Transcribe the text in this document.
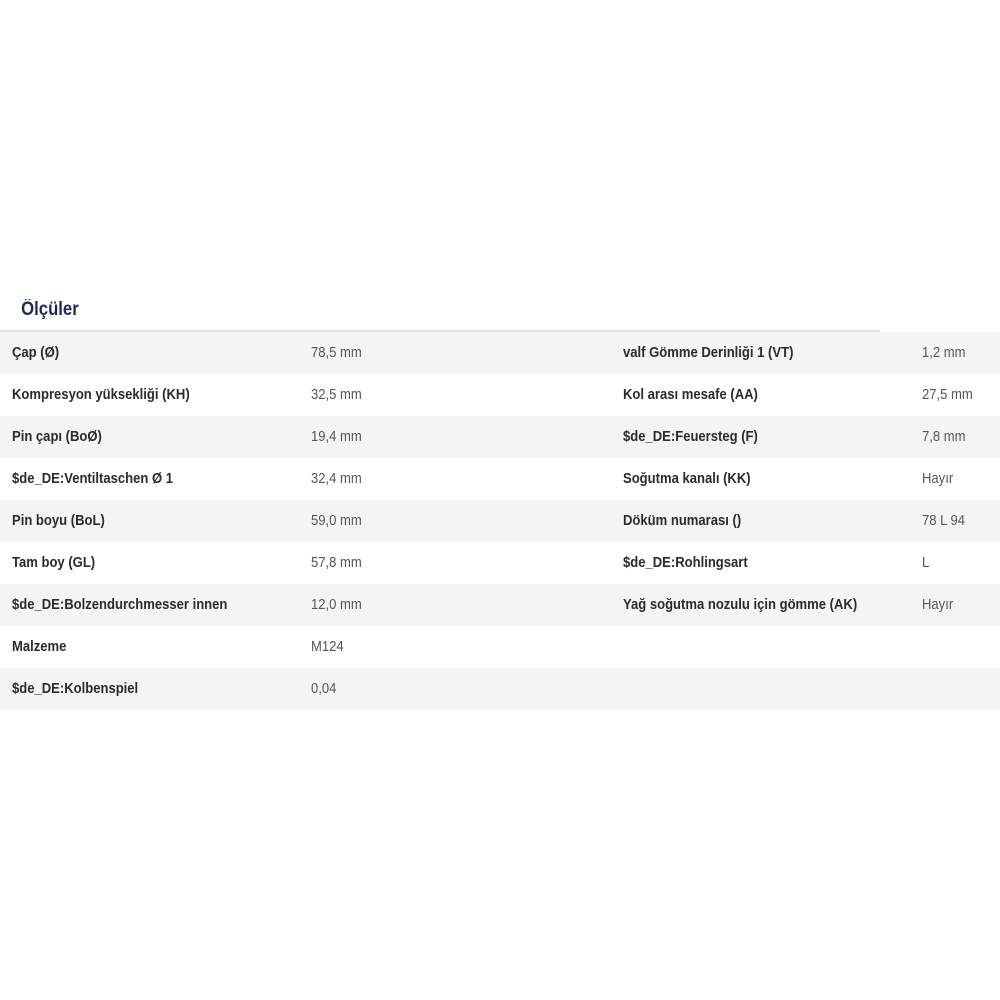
Ölçüler
Çap (Ø)	78,5 mm	valf Gömme Derinliği 1 (VT)	1,2 mm
Kompresyon yüksekliği (KH)	32,5 mm	Kol arası mesafe (AA)	27,5 mm
Pin çapı (BoØ)	19,4 mm	$de_DE:Feuersteg (F)	7,8 mm
$de_DE:Ventiltaschen Ø 1	32,4 mm	Soğutma kanalı (KK)	Hayır
Pin boyu (BoL)	59,0 mm	Döküm numarası ()	78 L 94
Tam boy (GL)	57,8 mm	$de_DE:Rohlingsart	L
$de_DE:Bolzendurchmesser innen	12,0 mm	Yağ soğutma nozulu için gömme (AK)	Hayır
Malzeme	M124
$de_DE:Kolbenspiel	0,04
